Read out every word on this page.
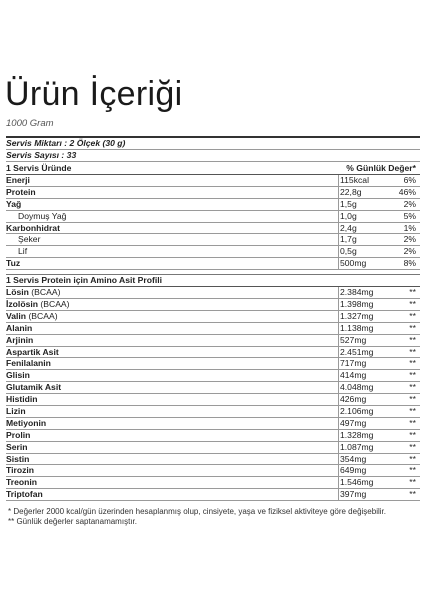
Ürün İçeriği
1000 Gram
Servis Miktarı : 2 Ölçek (30 g)
Servis Sayısı : 33
1 Servis Üründe	% Günlük Değer*
Enerji	115kcal	6%
Protein	22,8g	46%
Yağ	1,5g	2%
Doymuş Yağ	1,0g	5%
Karbonhidrat	2,4g	1%
Şeker	1,7g	2%
Lif	0,5g	2%
Tuz	500mg	8%
1 Servis Protein için Amino Asit Profili
Lösin (BCAA)	2.384mg	**
İzolösin (BCAA)	1.398mg	**
Valin (BCAA)	1.327mg	**
Alanin	1.138mg	**
Arjinin	527mg	**
Aspartik Asit	2.451mg	**
Fenilalanin	717mg	**
Glisin	414mg	**
Glutamik Asit	4.048mg	**
Histidin	426mg	**
Lizin	2.106mg	**
Metiyonin	497mg	**
Prolin	1.328mg	**
Serin	1.087mg	**
Sistin	354mg	**
Tirozin	649mg	**
Treonin	1.546mg	**
Triptofan	397mg	**
* Değerler 2000 kcal/gün üzerinden hesaplanmış olup, cinsiyete, yaşa ve fiziksel aktiviteye göre değişebilir.
** Günlük değerler saptanamamıştır.
